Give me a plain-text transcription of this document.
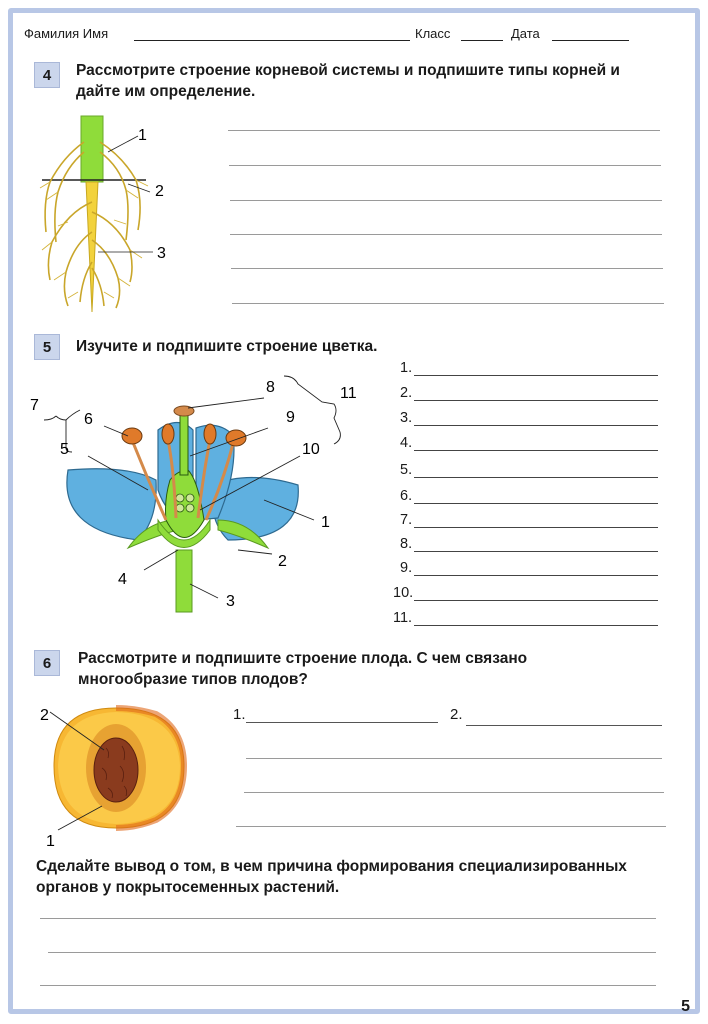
Фамилия Имя	Класс	Дата
4	Рассмотрите строение корневой системы и подпишите типы корней и дайте им определение.
1
2
3
5	Изучите и подпишите строение цветка.
1
2
3
4
5
6
7
8
9
10
11
1.
2.
3.
4.
5.
6.
7.
8.
9.
10.
11.
6	Рассмотрите и подпишите строение плода. С чем связано многообразие типов плодов?
2
1
1.	2.
Сделайте вывод о том, в чем причина формирования специализированных органов у покрытосеменных растений.
5
